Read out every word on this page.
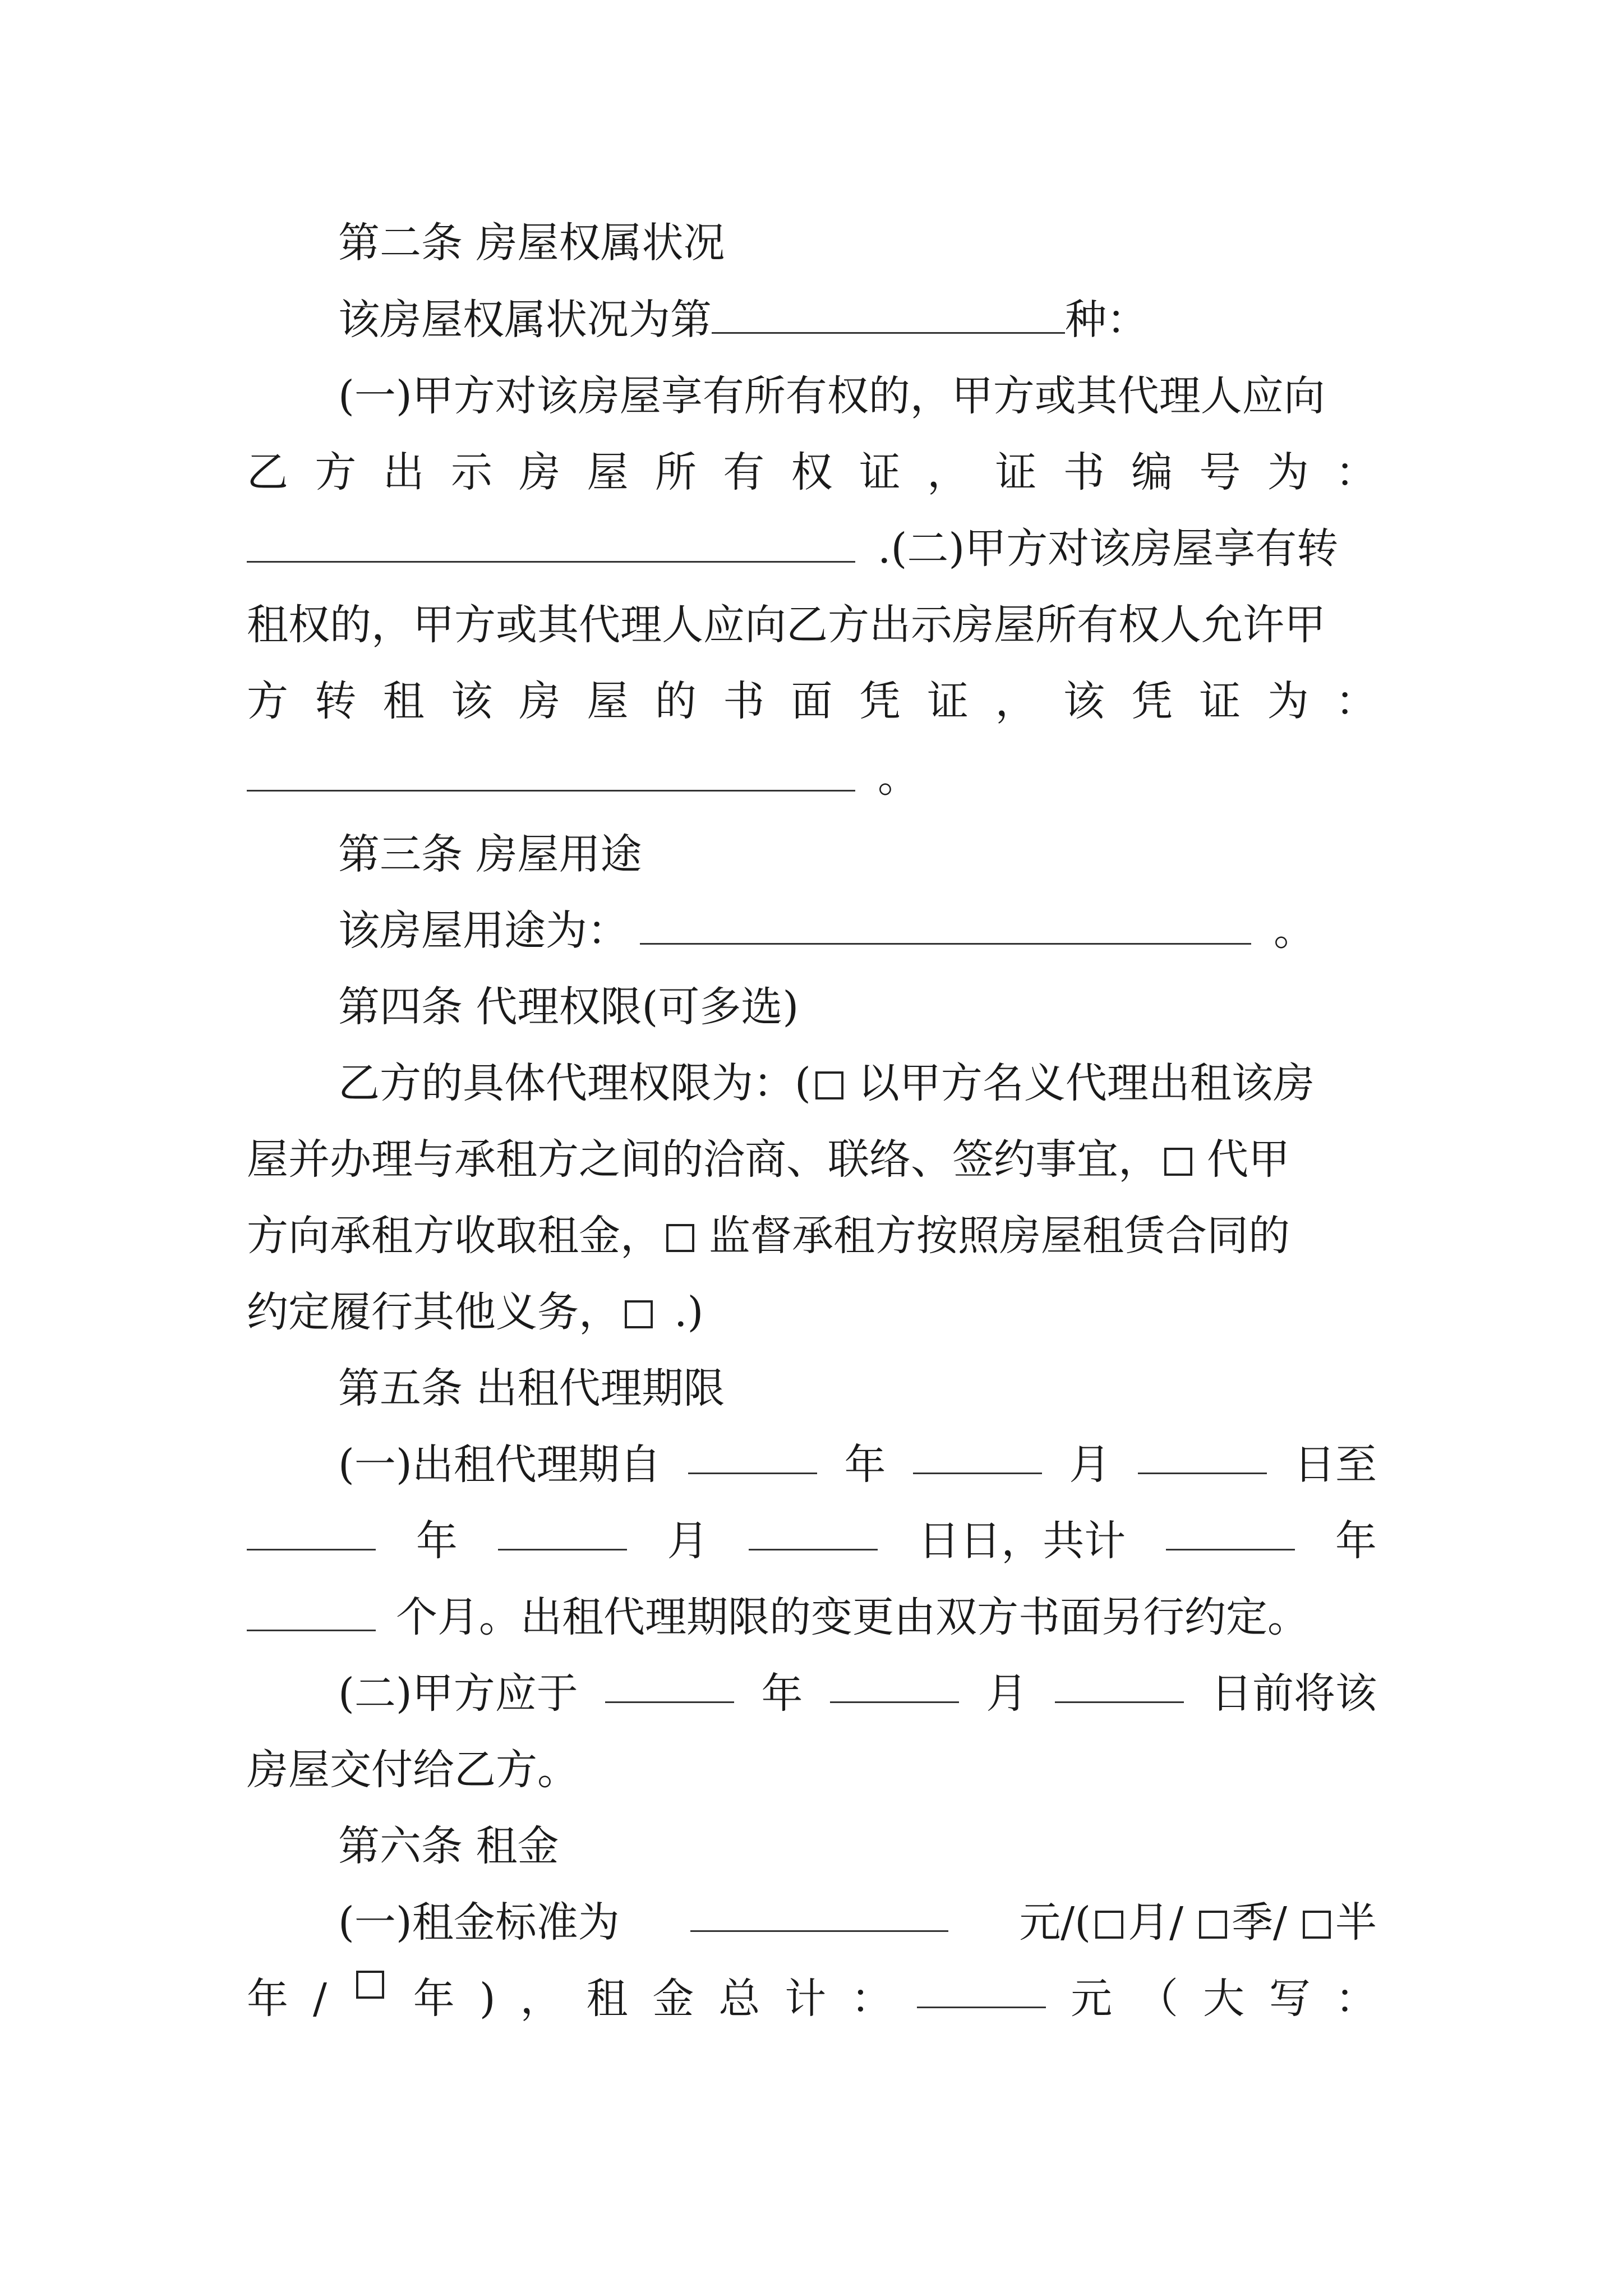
第二条 房屋权属状况
该房屋权属状况为第	种：
(一)甲方对该房屋享有所有权的，甲方或其代理人应向
乙 方 出 示 房 屋 所 有 权 证 ， 证 书 编 号 为 ：
.(二)甲方对该房屋享有转
租权的，甲方或其代理人应向乙方出示房屋所有权人允许甲
方 转 租 该 房 屋 的 书 面 凭 证 ， 该 凭 证 为 ：
。
第三条 房屋用途
该房屋用途为：	。
第四条 代理权限(可多选)
乙方的具体代理权限为：( 以甲方名义代理出租该房
屋并办理与承租方之间的洽商、联络、签约事宜， 代甲
方向承租方收取租金， 监督承租方按照房屋租赁合同的
约定履行其他义务， .)
第五条 出租代理期限
(一)出租代理期自	年	月	日至
年	月	日日，共计	年
个月。出租代理期限的变更由双方书面另行约定。
(二)甲方应于	年	月	日前将该
房屋交付给乙方。
第六条 租金
(一)租金标准为	元/( 月/ 季/ 半
年 / 年 ) ， 租 金 总 计 ：	元 （ 大 写 ：
